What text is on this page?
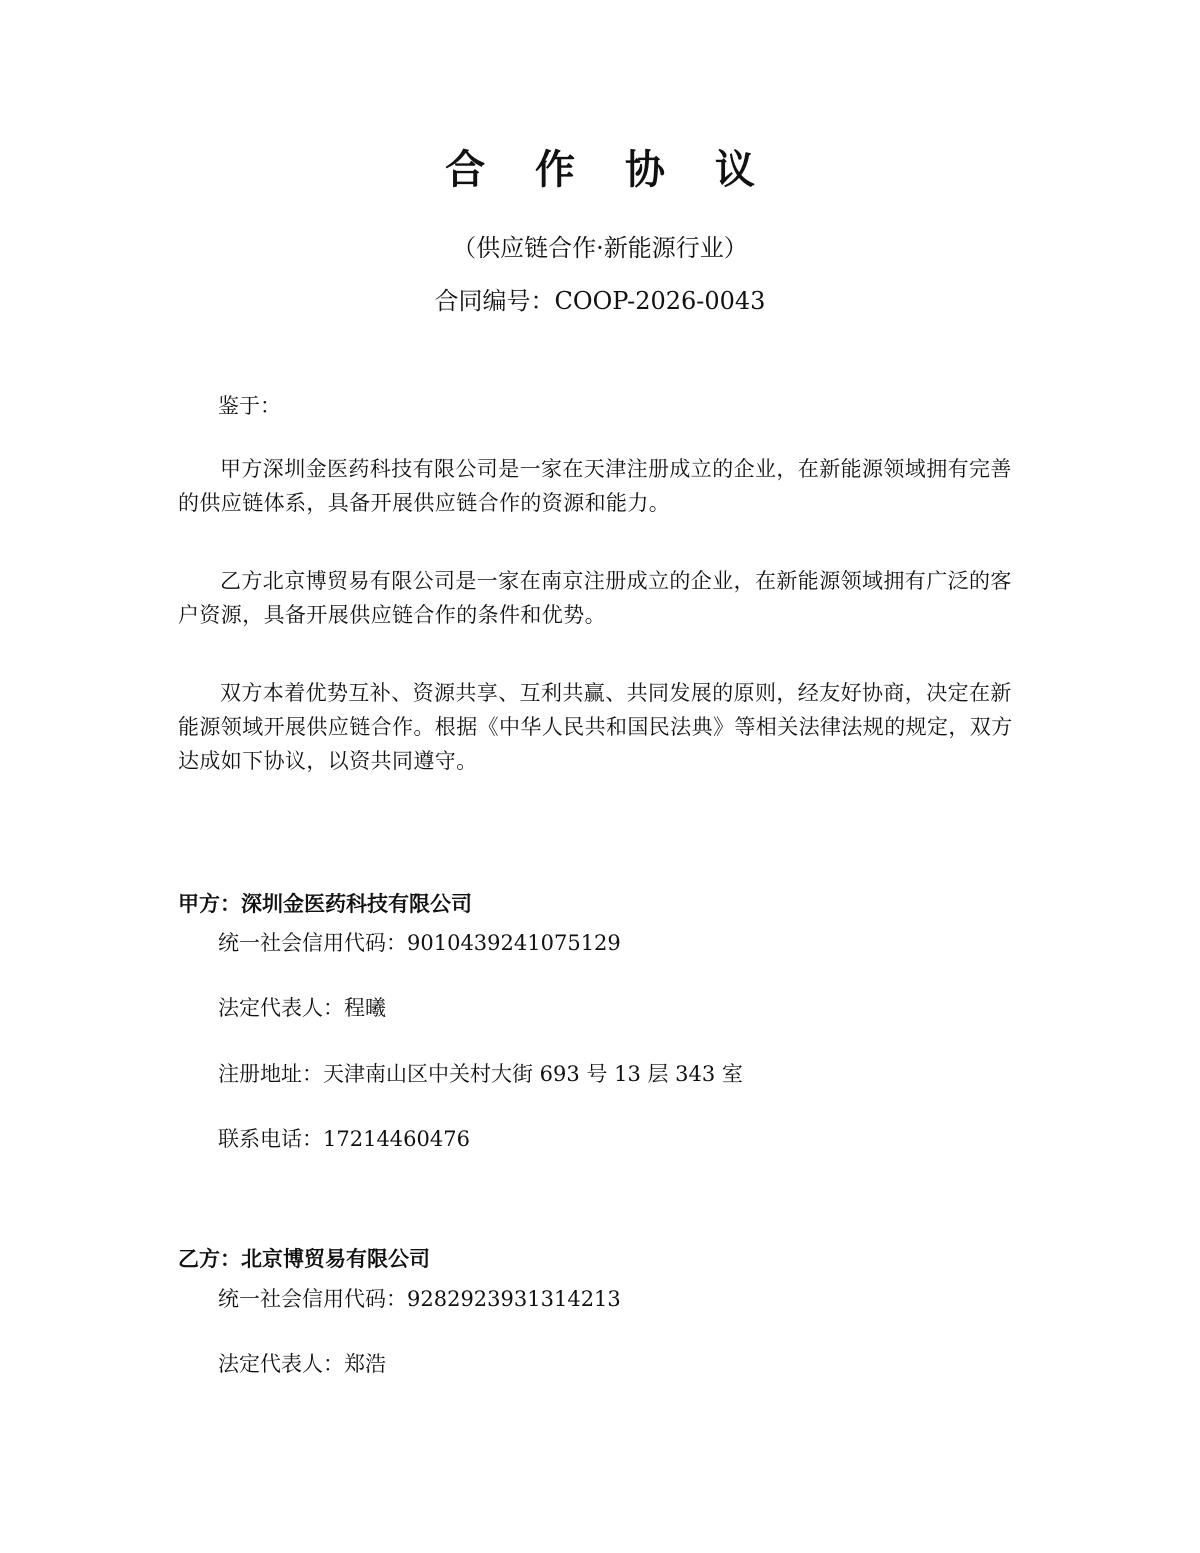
合 作 协 议
（供应链合作·新能源行业）
合同编号：COOP-2026-0043
鉴于：

甲方深圳金医药科技有限公司是一家在天津注册成立的企业，在新能源领域拥有完善的供应链体系，具备开展供应链合作的资源和能力。

乙方北京博贸易有限公司是一家在南京注册成立的企业，在新能源领域拥有广泛的客户资源，具备开展供应链合作的条件和优势。

双方本着优势互补、资源共享、互利共赢、共同发展的原则，经友好协商，决定在新能源领域开展供应链合作。根据《中华人民共和国民法典》等相关法律法规的规定，双方达成如下协议，以资共同遵守。

甲方：深圳金医药科技有限公司
统一社会信用代码：9010439241075129
法定代表人：程曦
注册地址：天津南山区中关村大街 693 号 13 层 343 室
联系电话：17214460476
乙方：北京博贸易有限公司
统一社会信用代码：9282923931314213
法定代表人：郑浩
